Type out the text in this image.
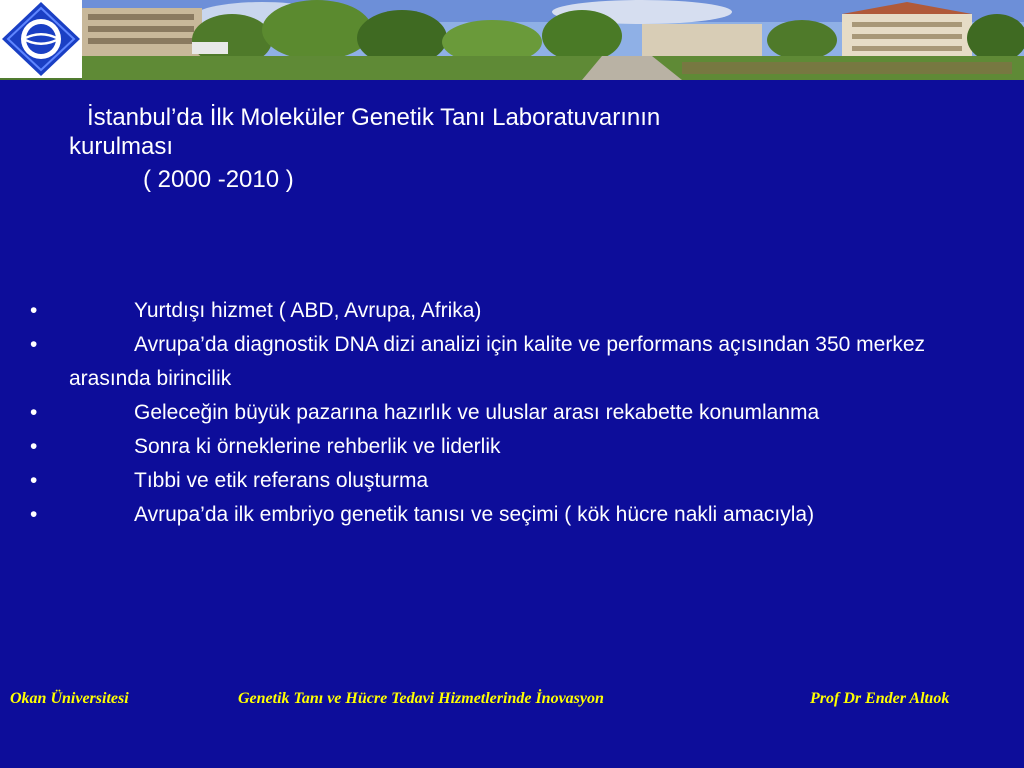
İstanbul’da İlk Moleküler Genetik Tanı Laboratuvarının
kurulması
( 2000 -2010 )
•	Yurtdışı hizmet ( ABD, Avrupa, Afrika)
•	Avrupa’da diagnostik DNA dizi analizi için kalite ve performans açısından 350 merkez arasında birincilik
•	Geleceğin büyük pazarına hazırlık ve uluslar arası rekabette konumlanma
•	Sonra ki örneklerine rehberlik ve liderlik
•	Tıbbi ve etik referans oluşturma
•	Avrupa’da ilk embriyo genetik tanısı ve seçimi ( kök hücre nakli amacıyla)
Okan Üniversitesi	Genetik Tanı ve Hücre Tedavi Hizmetlerinde İnovasyon	Prof Dr Ender Altıok
